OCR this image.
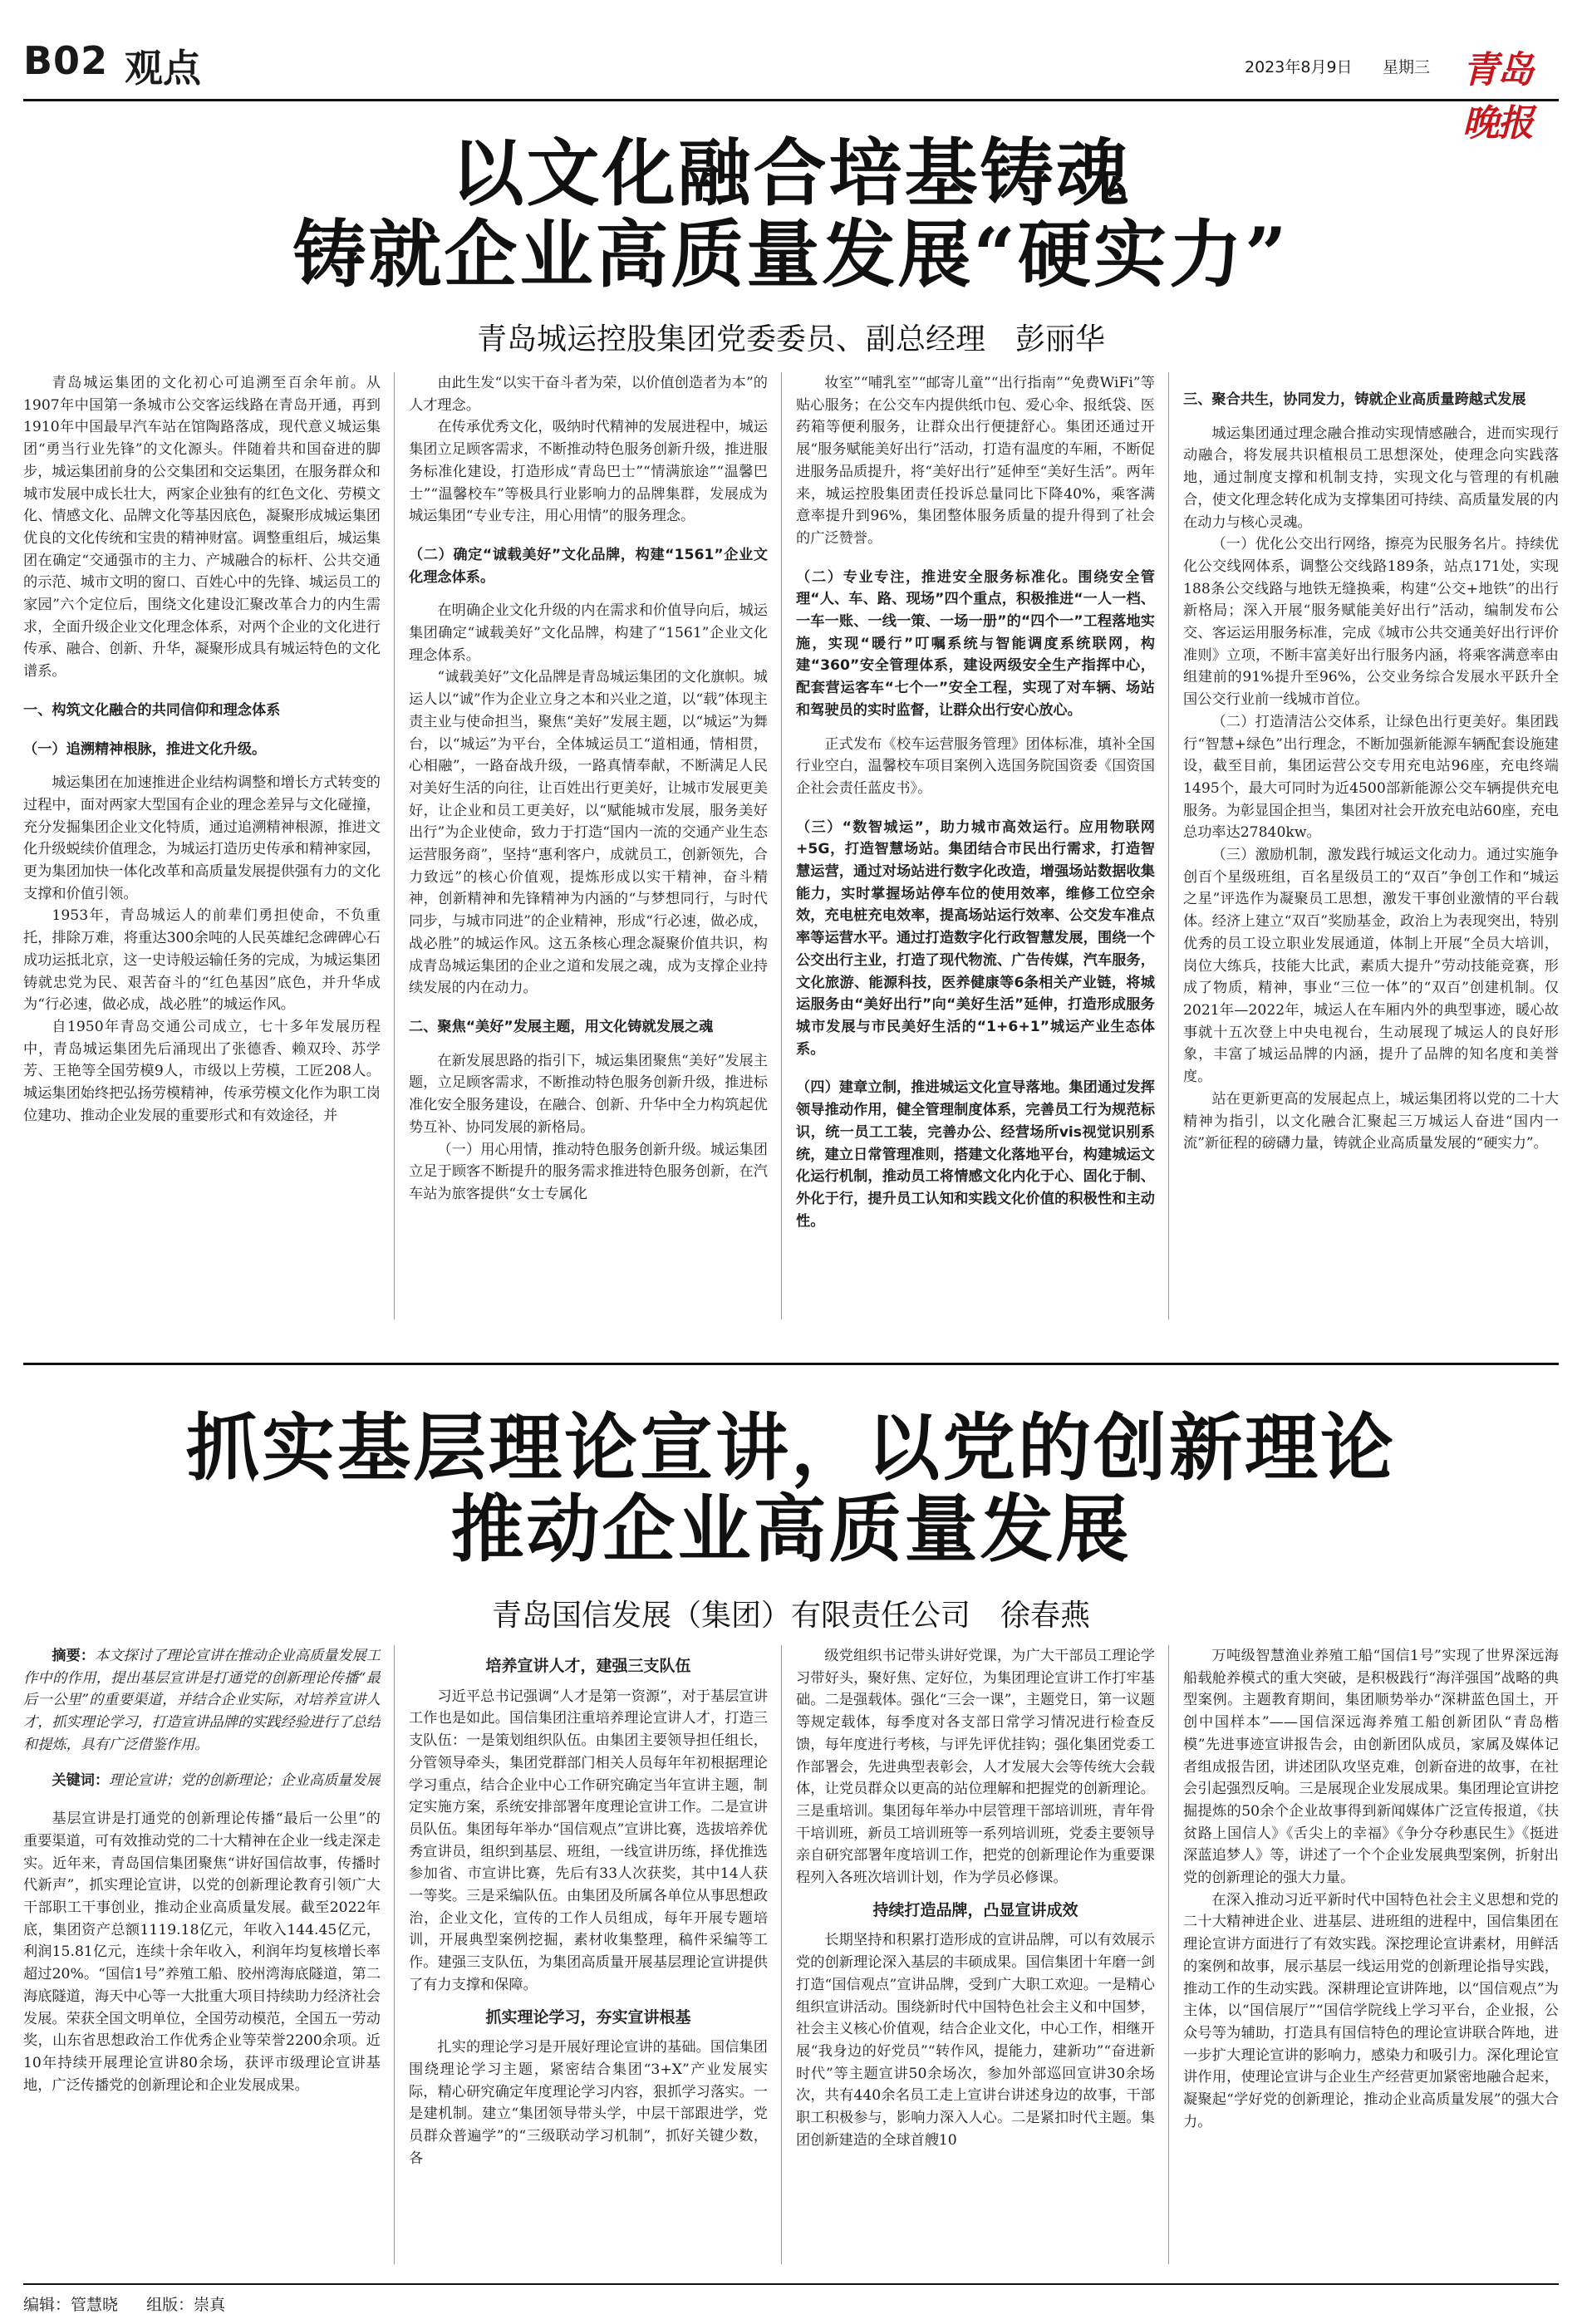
B02 观点	2023年8月9日 星期三 青岛晚报
以文化融合培基铸魂
铸就企业高质量发展“硬实力”
青岛城运控股集团党委委员、副总经理　彭丽华

青岛城运集团的文化初心可追溯至百余年前。从1907年中国第一条城市公交客运线路在青岛开通，再到1910年中国最早汽车站在馆陶路落成，现代意义城运集团“勇当行业先锋”的文化源头。伴随着共和国奋进的脚步，城运集团前身的公交集团和交运集团，在服务群众和城市发展中成长壮大，两家企业独有的红色文化、劳模文化、情感文化、品牌文化等基因底色，凝聚形成城运集团优良的文化传统和宝贵的精神财富。调整重组后，城运集团在确定“交通强市的主力、产城融合的标杆、公共交通的示范、城市文明的窗口、百姓心中的先锋、城运员工的家园”六个定位后，围绕文化建设汇聚改革合力的内生需求，全面升级企业文化理念体系，对两个企业的文化进行传承、融合、创新、升华，凝聚形成具有城运特色的文化谱系。

一、构筑文化融合的共同信仰和理念体系

（一）追溯精神根脉，推进文化升级。

城运集团在加速推进企业结构调整和增长方式转变的过程中，面对两家大型国有企业的理念差异与文化碰撞，充分发掘集团企业文化特质，通过追溯精神根源，推进文化升级蜕续价值理念，为城运打造历史传承和精神家园，更为集团加快一体化改革和高质量发展提供强有力的文化支撑和价值引领。

1953年，青岛城运人的前辈们勇担使命，不负重托，排除万难，将重达300余吨的人民英雄纪念碑碑心石成功运抵北京，这一史诗般运输任务的完成，为城运集团铸就忠党为民、艰苦奋斗的“红色基因”底色，并升华成为“行必速，做必成，战必胜”的城运作风。

自1950年青岛交通公司成立，七十多年发展历程中，青岛城运集团先后涌现出了张德香、赖双玲、苏学芳、王艳等全国劳模9人，市级以上劳模，工匠208人。城运集团始终把弘扬劳模精神，传承劳模文化作为职工岗位建功、推动企业发展的重要形式和有效途径，并

由此生发“以实干奋斗者为荣，以价值创造者为本”的人才理念。

在传承优秀文化，吸纳时代精神的发展进程中，城运集团立足顾客需求，不断推动特色服务创新升级，推进服务标准化建设，打造形成“青岛巴士”“情满旅途”“温馨巴士”“温馨校车”等极具行业影响力的品牌集群，发展成为城运集团“专业专注，用心用情”的服务理念。

（二）确定“诚载美好”文化品牌，构建“1561”企业文化理念体系。

在明确企业文化升级的内在需求和价值导向后，城运集团确定“诚载美好”文化品牌，构建了“1561”企业文化理念体系。

“诚载美好”文化品牌是青岛城运集团的文化旗帜。城运人以“诚”作为企业立身之本和兴业之道，以“载”体现主责主业与使命担当，聚焦“美好”发展主题，以“城运”为舞台，以“城运”为平台，全体城运员工“道相通，情相贯，心相融”，一路奋战升级，一路真情奉献，不断满足人民对美好生活的向往，让百姓出行更美好，让城市发展更美好，让企业和员工更美好，以“赋能城市发展，服务美好出行”为企业使命，致力于打造“国内一流的交通产业生态运营服务商”，坚持“惠利客户，成就员工，创新领先，合力致远”的核心价值观，提炼形成以实干精神，奋斗精神，创新精神和先锋精神为内涵的“与梦想同行，与时代同步，与城市同进”的企业精神，形成“行必速，做必成，战必胜”的城运作风。这五条核心理念凝聚价值共识，构成青岛城运集团的企业之道和发展之魂，成为支撑企业持续发展的内在动力。

二、聚焦“美好”发展主题，用文化铸就发展之魂

在新发展思路的指引下，城运集团聚焦“美好”发展主题，立足顾客需求，不断推动特色服务创新升级，推进标准化安全服务建设，在融合、创新、升华中全力构筑起优势互补、协同发展的新格局。

（一）用心用情，推动特色服务创新升级。城运集团立足于顾客不断提升的服务需求推进特色服务创新，在汽车站为旅客提供“女士专属化

妆室”“哺乳室”“邮寄儿童”“出行指南”“免费WiFi”等贴心服务；在公交车内提供纸巾包、爱心伞、报纸袋、医药箱等便利服务，让群众出行便捷舒心。集团还通过开展“服务赋能美好出行”活动，打造有温度的车厢，不断促进服务品质提升，将“美好出行”延伸至“美好生活”。两年来，城运控股集团责任投诉总量同比下降40%，乘客满意率提升到96%，集团整体服务质量的提升得到了社会的广泛赞誉。

（二）专业专注，推进安全服务标准化。围绕安全管理“人、车、路、现场”四个重点，积极推进“一人一档、一车一账、一线一策、一场一册”的“四个一”工程落地实施，实现“暖行”叮嘱系统与智能调度系统联网，构建“360”安全管理体系，建设两级安全生产指挥中心，配套营运客车“七个一”安全工程，实现了对车辆、场站和驾驶员的实时监督，让群众出行安心放心。

正式发布《校车运营服务管理》团体标准，填补全国行业空白，温馨校车项目案例入选国务院国资委《国资国企社会责任蓝皮书》。

（三）“数智城运”，助力城市高效运行。应用物联网+5G，打造智慧场站。集团结合市民出行需求，打造智慧运营，通过对场站进行数字化改造，增强场站数据收集能力，实时掌握场站停车位的使用效率，维修工位空余效，充电桩充电效率，提高场站运行效率、公交发车准点率等运营水平。通过打造数字化行政智慧发展，围绕一个公交出行主业，打造了现代物流、广告传媒，汽车服务，文化旅游、能源科技，医养健康等6条相关产业链，将城运服务由“美好出行”向“美好生活”延伸，打造形成服务城市发展与市民美好生活的“1+6+1”城运产业生态体系。

（四）建章立制，推进城运文化宣导落地。集团通过发挥领导推动作用，健全管理制度体系，完善员工行为规范标识，统一员工工装，完善办公、经营场所vis视觉识别系统，建立日常管理准则，搭建文化落地平台，构建城运文化运行机制，推动员工将情感文化内化于心、固化于制、外化于行，提升员工认知和实践文化价值的积极性和主动性。

三、聚合共生，协同发力，铸就企业高质量跨越式发展

城运集团通过理念融合推动实现情感融合，进而实现行动融合，将发展共识植根员工思想深处，使理念向实践落地，通过制度支撑和机制支持，实现文化与管理的有机融合，使文化理念转化成为支撑集团可持续、高质量发展的内在动力与核心灵魂。

（一）优化公交出行网络，擦亮为民服务名片。持续优化公交线网体系，调整公交线路189条，站点171处，实现188条公交线路与地铁无缝换乘，构建“公交+地铁”的出行新格局；深入开展“服务赋能美好出行”活动，编制发布公交、客运运用服务标准，完成《城市公共交通美好出行评价准则》立项，不断丰富美好出行服务内涵，将乘客满意率由组建前的91%提升至96%，公交业务综合发展水平跃升全国公交行业前一线城市首位。

（二）打造清洁公交体系，让绿色出行更美好。集团践行“智慧+绿色”出行理念，不断加强新能源车辆配套设施建设，截至目前，集团运营公交专用充电站96座，充电终端1495个，最大可同时为近4500部新能源公交车辆提供充电服务。为彰显国企担当，集团对社会开放充电站60座，充电总功率达27840kw。

（三）激励机制，激发践行城运文化动力。通过实施争创百个星级班组，百名星级员工的“双百”争创工作和“城运之星”评选作为凝聚员工思想，激发干事创业激情的平台载体。经济上建立“双百”奖励基金，政治上为表现突出，特别优秀的员工设立职业发展通道，体制上开展“全员大培训，岗位大练兵，技能大比武，素质大提升”劳动技能竞赛，形成了物质，精神，事业“三位一体”的“双百”创建机制。仅2021年—2022年，城运人在车厢内外的典型事迹，暖心故事就十五次登上中央电视台，生动展现了城运人的良好形象，丰富了城运品牌的内涵，提升了品牌的知名度和美誉度。

站在更新更高的发展起点上，城运集团将以党的二十大精神为指引，以文化融合汇聚起三万城运人奋进“国内一流”新征程的磅礴力量，铸就企业高质量发展的“硬实力”。

抓实基层理论宣讲，以党的创新理论
推动企业高质量发展
青岛国信发展（集团）有限责任公司　徐春燕

摘要：本文探讨了理论宣讲在推动企业高质量发展工作中的作用，提出基层宣讲是打通党的创新理论传播“最后一公里”的重要渠道，并结合企业实际，对培养宣讲人才，抓实理论学习，打造宣讲品牌的实践经验进行了总结和提炼，具有广泛借鉴作用。

关键词：理论宣讲；党的创新理论；企业高质量发展

基层宣讲是打通党的创新理论传播“最后一公里”的重要渠道，可有效推动党的二十大精神在企业一线走深走实。近年来，青岛国信集团聚焦“讲好国信故事，传播时代新声”，抓实理论宣讲，以党的创新理论教育引领广大干部职工干事创业，推动企业高质量发展。截至2022年底，集团资产总额1119.18亿元，年收入144.45亿元，利润15.81亿元，连续十余年收入，利润年均复核增长率超过20%。“国信1号”养殖工船、胶州湾海底隧道，第二海底隧道，海天中心等一大批重大项目持续助力经济社会发展。荣获全国文明单位，全国劳动模范，全国五一劳动奖，山东省思想政治工作优秀企业等荣誉2200余项。近10年持续开展理论宣讲80余场，获评市级理论宣讲基地，广泛传播党的创新理论和企业发展成果。

培养宣讲人才，建强三支队伍

习近平总书记强调“人才是第一资源”，对于基层宣讲工作也是如此。国信集团注重培养理论宣讲人才，打造三支队伍：一是策划组织队伍。由集团主要领导担任组长，分管领导牵头，集团党群部门相关人员每年年初根据理论学习重点，结合企业中心工作研究确定当年宣讲主题，制定实施方案，系统安排部署年度理论宣讲工作。二是宣讲员队伍。集团每年举办“国信观点”宣讲比赛，选拔培养优秀宣讲员，组织到基层、班组，一线宣讲历练，择优推选参加省、市宣讲比赛，先后有33人次获奖，其中14人获一等奖。三是采编队伍。由集团及所属各单位从事思想政治，企业文化，宣传的工作人员组成，每年开展专题培训，开展典型案例挖掘，素材收集整理，稿件采编等工作。建强三支队伍，为集团高质量开展基层理论宣讲提供了有力支撑和保障。

抓实理论学习，夯实宣讲根基

扎实的理论学习是开展好理论宣讲的基础。国信集团围绕理论学习主题，紧密结合集团“3+X”产业发展实际，精心研究确定年度理论学习内容，狠抓学习落实。一是建机制。建立“集团领导带头学，中层干部跟进学，党员群众普遍学”的“三级联动学习机制”，抓好关键少数，各

级党组织书记带头讲好党课，为广大干部员工理论学习带好头，聚好焦、定好位，为集团理论宣讲工作打牢基础。二是强载体。强化“三会一课”，主题党日，第一议题等规定载体，每季度对各支部日常学习情况进行检查反馈，每年度进行考核，与评先评优挂钩；强化集团党委工作部署会，先进典型表彰会，人才发展大会等传统大会载体，让党员群众以更高的站位理解和把握党的创新理论。三是重培训。集团每年举办中层管理干部培训班，青年骨干培训班，新员工培训班等一系列培训班，党委主要领导亲自研究部署年度培训工作，把党的创新理论作为重要课程列入各班次培训计划，作为学员必修课。

持续打造品牌，凸显宣讲成效

长期坚持和积累打造形成的宣讲品牌，可以有效展示党的创新理论深入基层的丰硕成果。国信集团十年磨一剑打造“国信观点”宣讲品牌，受到广大职工欢迎。一是精心组织宣讲活动。围绕新时代中国特色社会主义和中国梦，社会主义核心价值观，结合企业文化，中心工作，相继开展“我身边的好党员”“转作风，提能力，建新功”“奋进新时代”等主题宣讲50余场次，参加外部巡回宣讲30余场次，共有440余名员工走上宣讲台讲述身边的故事，干部职工积极参与，影响力深入人心。二是紧扣时代主题。集团创新建造的全球首艘10

万吨级智慧渔业养殖工船“国信1号”实现了世界深远海船载舱养模式的重大突破，是积极践行“海洋强国”战略的典型案例。主题教育期间，集团顺势举办“深耕蓝色国土，开创中国样本”——国信深远海养殖工船创新团队“青岛楷模”先进事迹宣讲报告会，由创新团队成员，家属及媒体记者组成报告团，讲述团队攻坚克难，创新奋进的故事，在社会引起强烈反响。三是展现企业发展成果。集团理论宣讲挖掘提炼的50余个企业故事得到新闻媒体广泛宣传报道，《扶贫路上国信人》《舌尖上的幸福》《争分夺秒惠民生》《挺进深蓝追梦人》等，讲述了一个个企业发展典型案例，折射出党的创新理论的强大力量。

在深入推动习近平新时代中国特色社会主义思想和党的二十大精神进企业、进基层、进班组的进程中，国信集团在理论宣讲方面进行了有效实践。深挖理论宣讲素材，用鲜活的案例和故事，展示基层一线运用党的创新理论指导实践，推动工作的生动实践。深耕理论宣讲阵地，以“国信观点”为主体，以“国信展厅”“国信学院线上学习平台，企业报，公众号等为辅助，打造具有国信特色的理论宣讲联合阵地，进一步扩大理论宣讲的影响力，感染力和吸引力。深化理论宣讲作用，使理论宣讲与企业生产经营更加紧密地融合起来，凝聚起“学好党的创新理论，推动企业高质量发展”的强大合力。

编辑：管慧晓 组版：崇真
